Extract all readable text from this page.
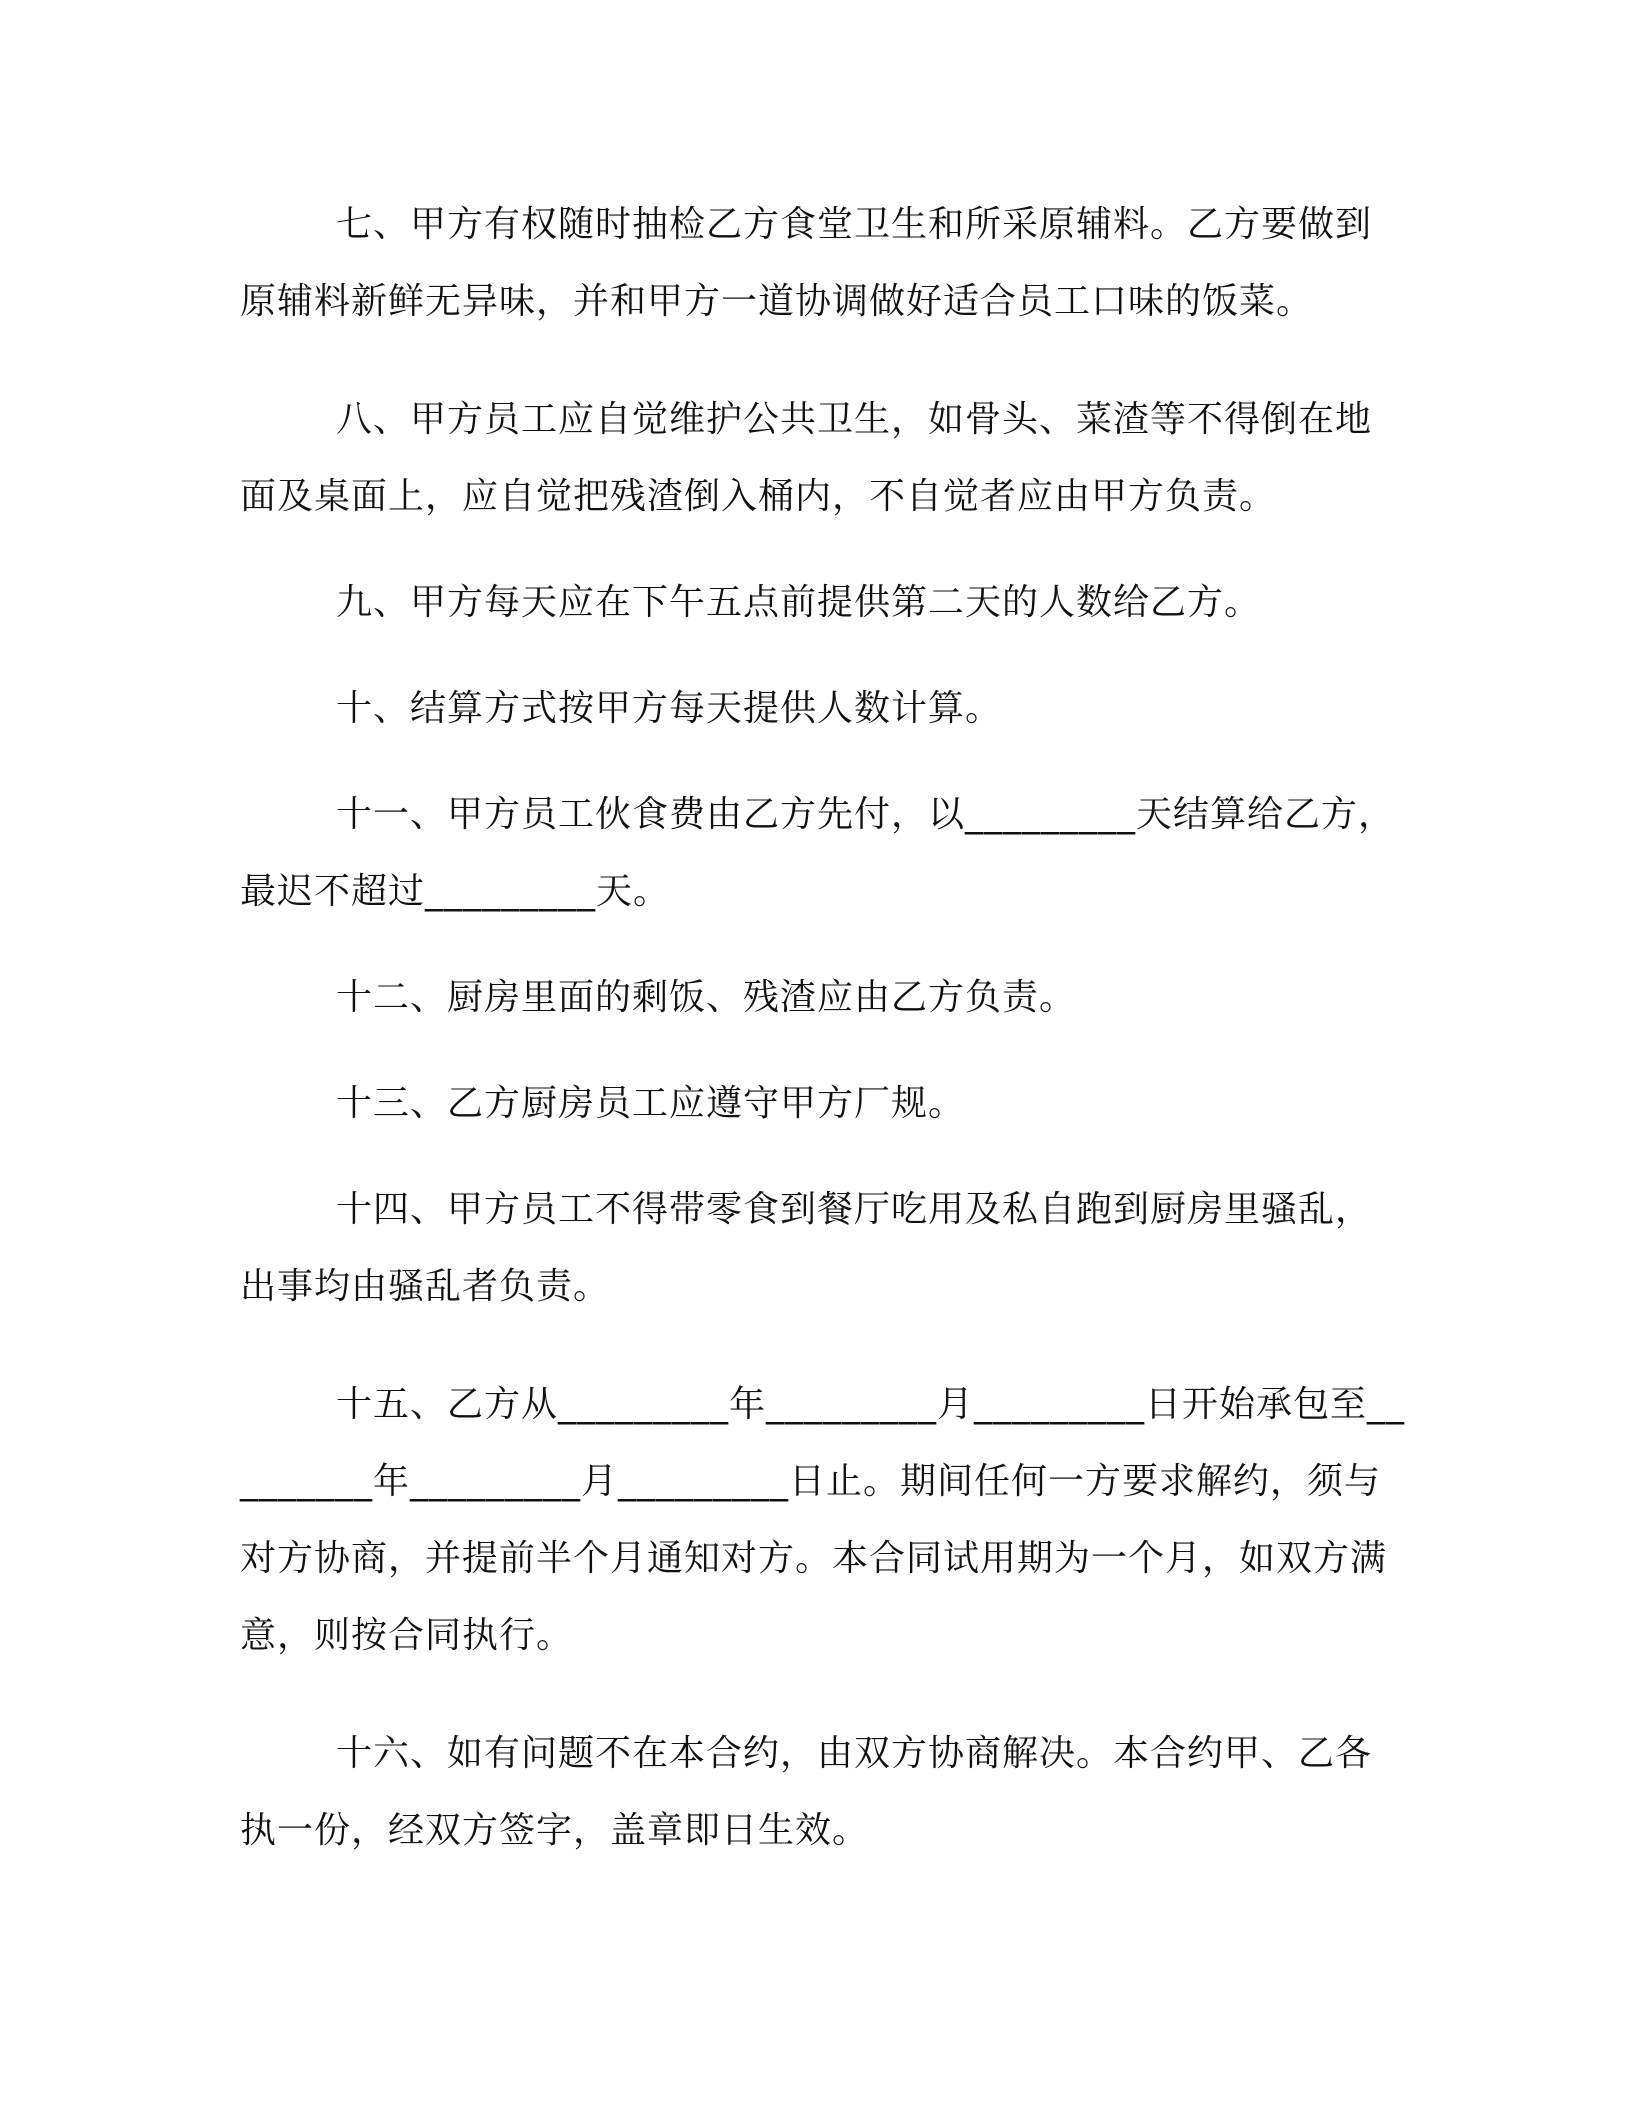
七、甲方有权随时抽检乙方食堂卫生和所采原辅料。乙方要做到原辅料新鲜无异味，并和甲方一道协调做好适合员工口味的饭菜。

八、甲方员工应自觉维护公共卫生，如骨头、菜渣等不得倒在地面及桌面上，应自觉把残渣倒入桶内，不自觉者应由甲方负责。

九、甲方每天应在下午五点前提供第二天的人数给乙方。

十、结算方式按甲方每天提供人数计算。

十一、甲方员工伙食费由乙方先付，以_________天结算给乙方，最迟不超过_________天。

十二、厨房里面的剩饭、残渣应由乙方负责。

十三、乙方厨房员工应遵守甲方厂规。

十四、甲方员工不得带零食到餐厅吃用及私自跑到厨房里骚乱，出事均由骚乱者负责。

十五、乙方从_________年_________月_________日开始承包至_________年_________月_________日止。期间任何一方要求解约，须与对方协商，并提前半个月通知对方。本合同试用期为一个月，如双方满意，则按合同执行。

十六、如有问题不在本合约，由双方协商解决。本合约甲、乙各执一份，经双方签字，盖章即日生效。
